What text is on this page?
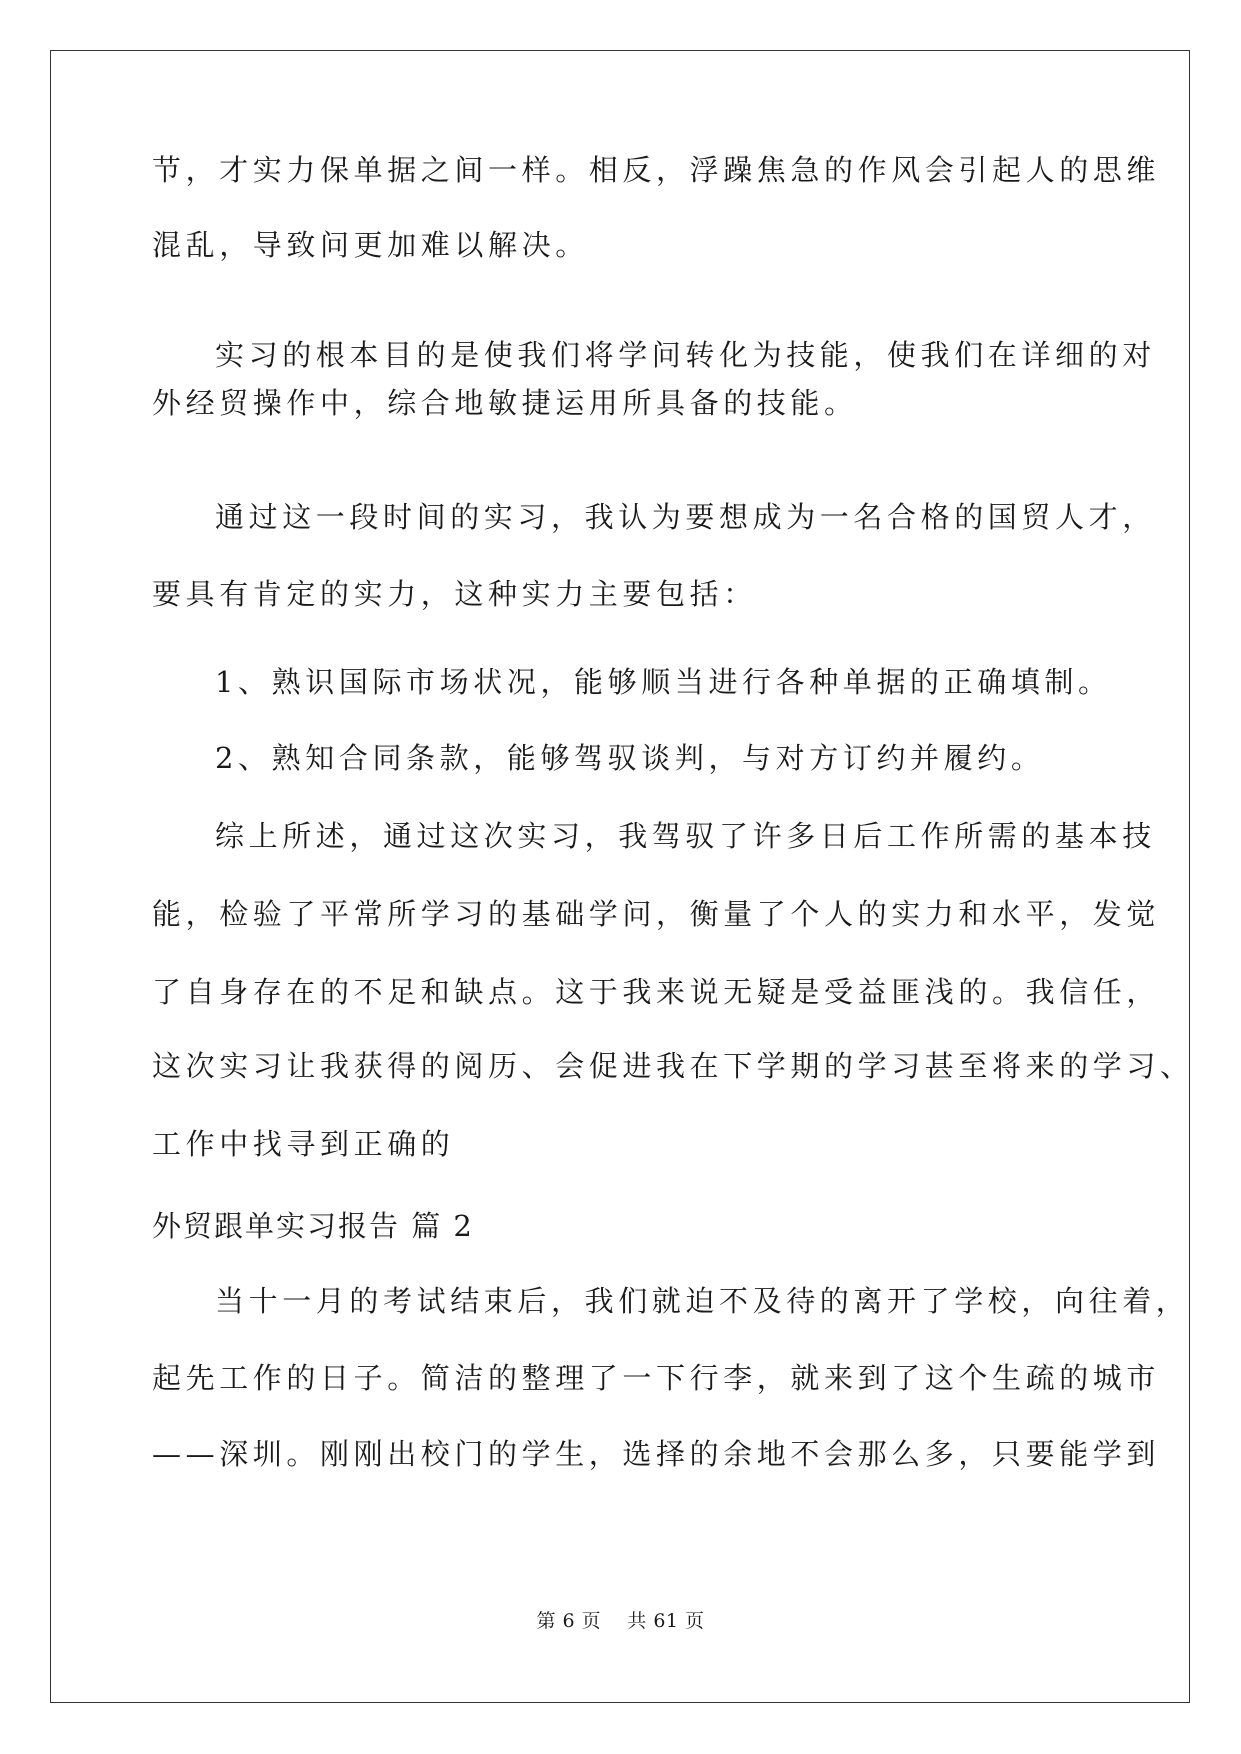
节，才实力保单据之间一样。相反，浮躁焦急的作风会引起人的思维
混乱，导致问更加难以解决。
实习的根本目的是使我们将学问转化为技能，使我们在详细的对
外经贸操作中，综合地敏捷运用所具备的技能。
通过这一段时间的实习，我认为要想成为一名合格的国贸人才，
要具有肯定的实力，这种实力主要包括：
1、熟识国际市场状况，能够顺当进行各种单据的正确填制。
2、熟知合同条款，能够驾驭谈判，与对方订约并履约。
综上所述，通过这次实习，我驾驭了许多日后工作所需的基本技
能，检验了平常所学习的基础学问，衡量了个人的实力和水平，发觉
了自身存在的不足和缺点。这于我来说无疑是受益匪浅的。我信任，
这次实习让我获得的阅历、会促进我在下学期的学习甚至将来的学习、
工作中找寻到正确的
外贸跟单实习报告 篇 2
当十一月的考试结束后，我们就迫不及待的离开了学校，向往着，
起先工作的日子。简洁的整理了一下行李，就来到了这个生疏的城市
——深圳。刚刚出校门的学生，选择的余地不会那么多，只要能学到
第 6 页    共 61 页
